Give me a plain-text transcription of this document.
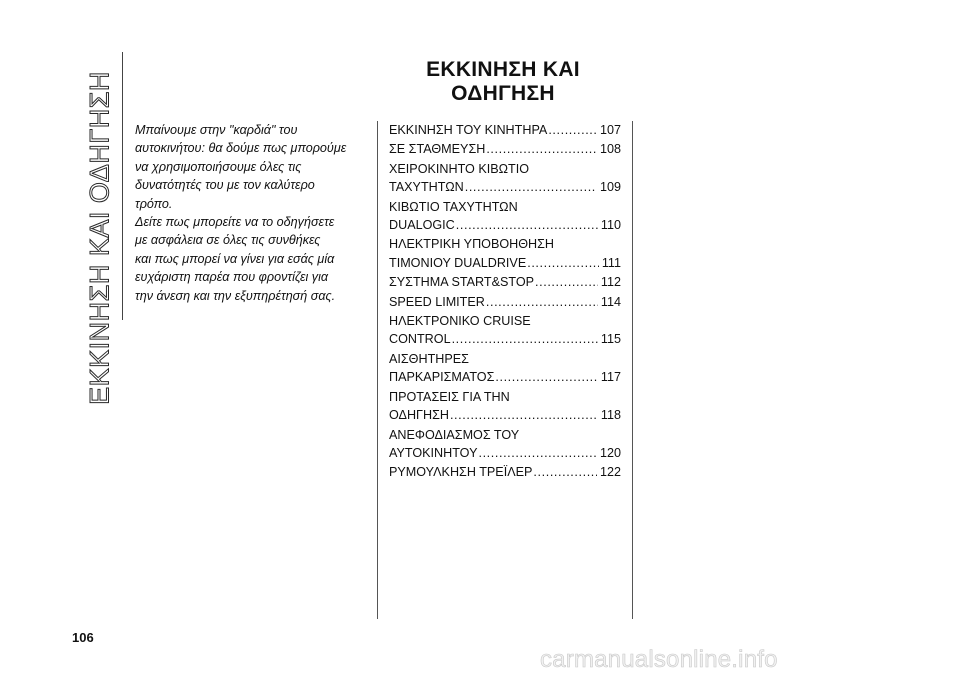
ΕΚΚΙΝΗΣΗ ΚΑΙ ΟΔΗΓΗΣΗ
ΕΚΚΙΝΗΣΗ ΚΑΙ ΟΔΗΓΗΣΗ

Μπαίνουμε στην "καρδιά" του

αυτοκινήτου: θα δούμε πως μπορούμε

να χρησιμοποιήσουμε όλες τις

δυνατότητές του με τον καλύτερο

τρόπο.

Δείτε πως μπορείτε να το οδηγήσετε

με ασφάλεια σε όλες τις συνθήκες

και πως μπορεί να γίνει για εσάς μία

ευχάριστη παρέα που φροντίζει για

την άνεση και την εξυπηρέτησή σας.

ΕΚΚΙΝΗΣΗ ΤΟΥ ΚΙΝΗΤΗΡΑ .....	107
ΣΕ ΣΤΑΘΜΕΥΣΗ .....	108
ΧΕΙΡΟΚΙΝΗΤΟ ΚΙΒΩΤΙΟ
ΤΑΧΥΤΗΤΩΝ .....	109
ΚΙΒΩΤΙΟ ΤΑΧΥΤΗΤΩΝ
DUALOGIC .....	110
ΗΛΕΚΤΡΙΚΗ ΥΠΟΒΟΗΘΗΣΗ
ΤΙΜΟΝΙΟΥ DUALDRIVE .....	111
ΣΥΣΤΗΜΑ START&STOP .....	112
SPEED LIMITER .....	114
ΗΛΕΚΤΡΟΝΙΚΟ CRUISE
CONTROL .....	115
ΑΙΣΘΗΤΗΡΕΣ
ΠΑΡΚΑΡΙΣΜΑΤΟΣ .....	117
ΠΡΟΤΑΣΕΙΣ ΓΙΑ ΤΗΝ
ΟΔΗΓΗΣΗ .....	118
ΑΝΕΦΟΔΙΑΣΜΟΣ ΤΟΥ
ΑΥΤΟΚΙΝΗΤΟΥ .....	120
ΡΥΜΟΥΛΚΗΣΗ ΤΡΕΪΛΕΡ .....	122
106
carmanualsonline.info
